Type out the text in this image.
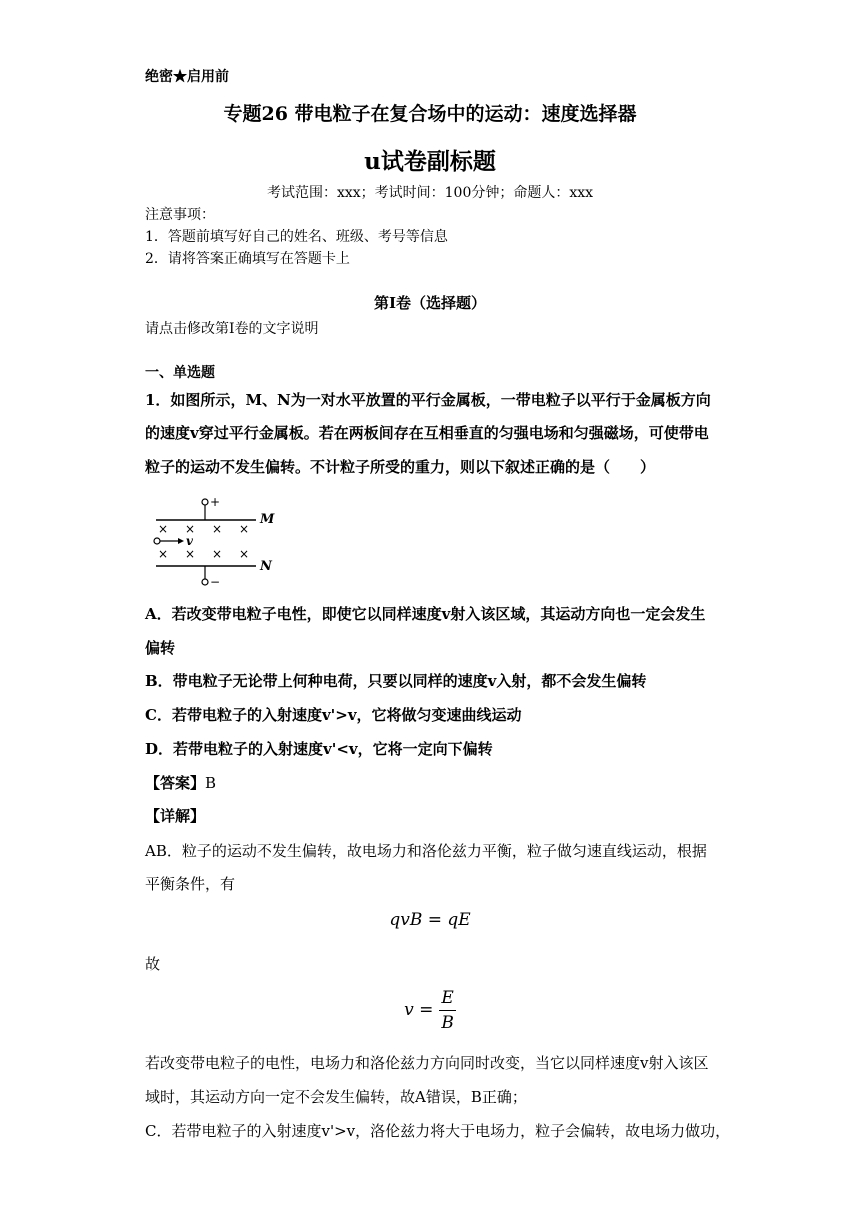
绝密★启用前
专题26 带电粒子在复合场中的运动：速度选择器
u试卷副标题
考试范围：xxx；考试时间：100分钟；命题人：xxx
注意事项：
1．答题前填写好自己的姓名、班级、考号等信息
2．请将答案正确填写在答题卡上
第I卷（选择题）
请点击修改第I卷的文字说明
一、单选题
1．如图所示，M、N为一对水平放置的平行金属板，一带电粒子以平行于金属板方向
的速度v穿过平行金属板。若在两板间存在互相垂直的匀强电场和匀强磁场，可使带电
粒子的运动不发生偏转。不计粒子所受的重力，则以下叙述正确的是（　　）
+
M
× × × ×
v
× × × ×
N
−
A．若改变带电粒子电性，即使它以同样速度v射入该区域，其运动方向也一定会发生
偏转
B．带电粒子无论带上何种电荷，只要以同样的速度v入射，都不会发生偏转
C．若带电粒子的入射速度v'>v，它将做匀变速曲线运动
D．若带电粒子的入射速度v'<v，它将一定向下偏转
【答案】B
【详解】
AB．粒子的运动不发生偏转，故电场力和洛伦兹力平衡，粒子做匀速直线运动，根据
平衡条件，有
qvB = qE
故
$v = \frac{E}{B}$
若改变带电粒子的电性，电场力和洛伦兹力方向同时改变，当它以同样速度v射入该区
域时，其运动方向一定不会发生偏转，故A错误，B正确；
C．若带电粒子的入射速度v'>v，洛伦兹力将大于电场力，粒子会偏转，故电场力做功，
